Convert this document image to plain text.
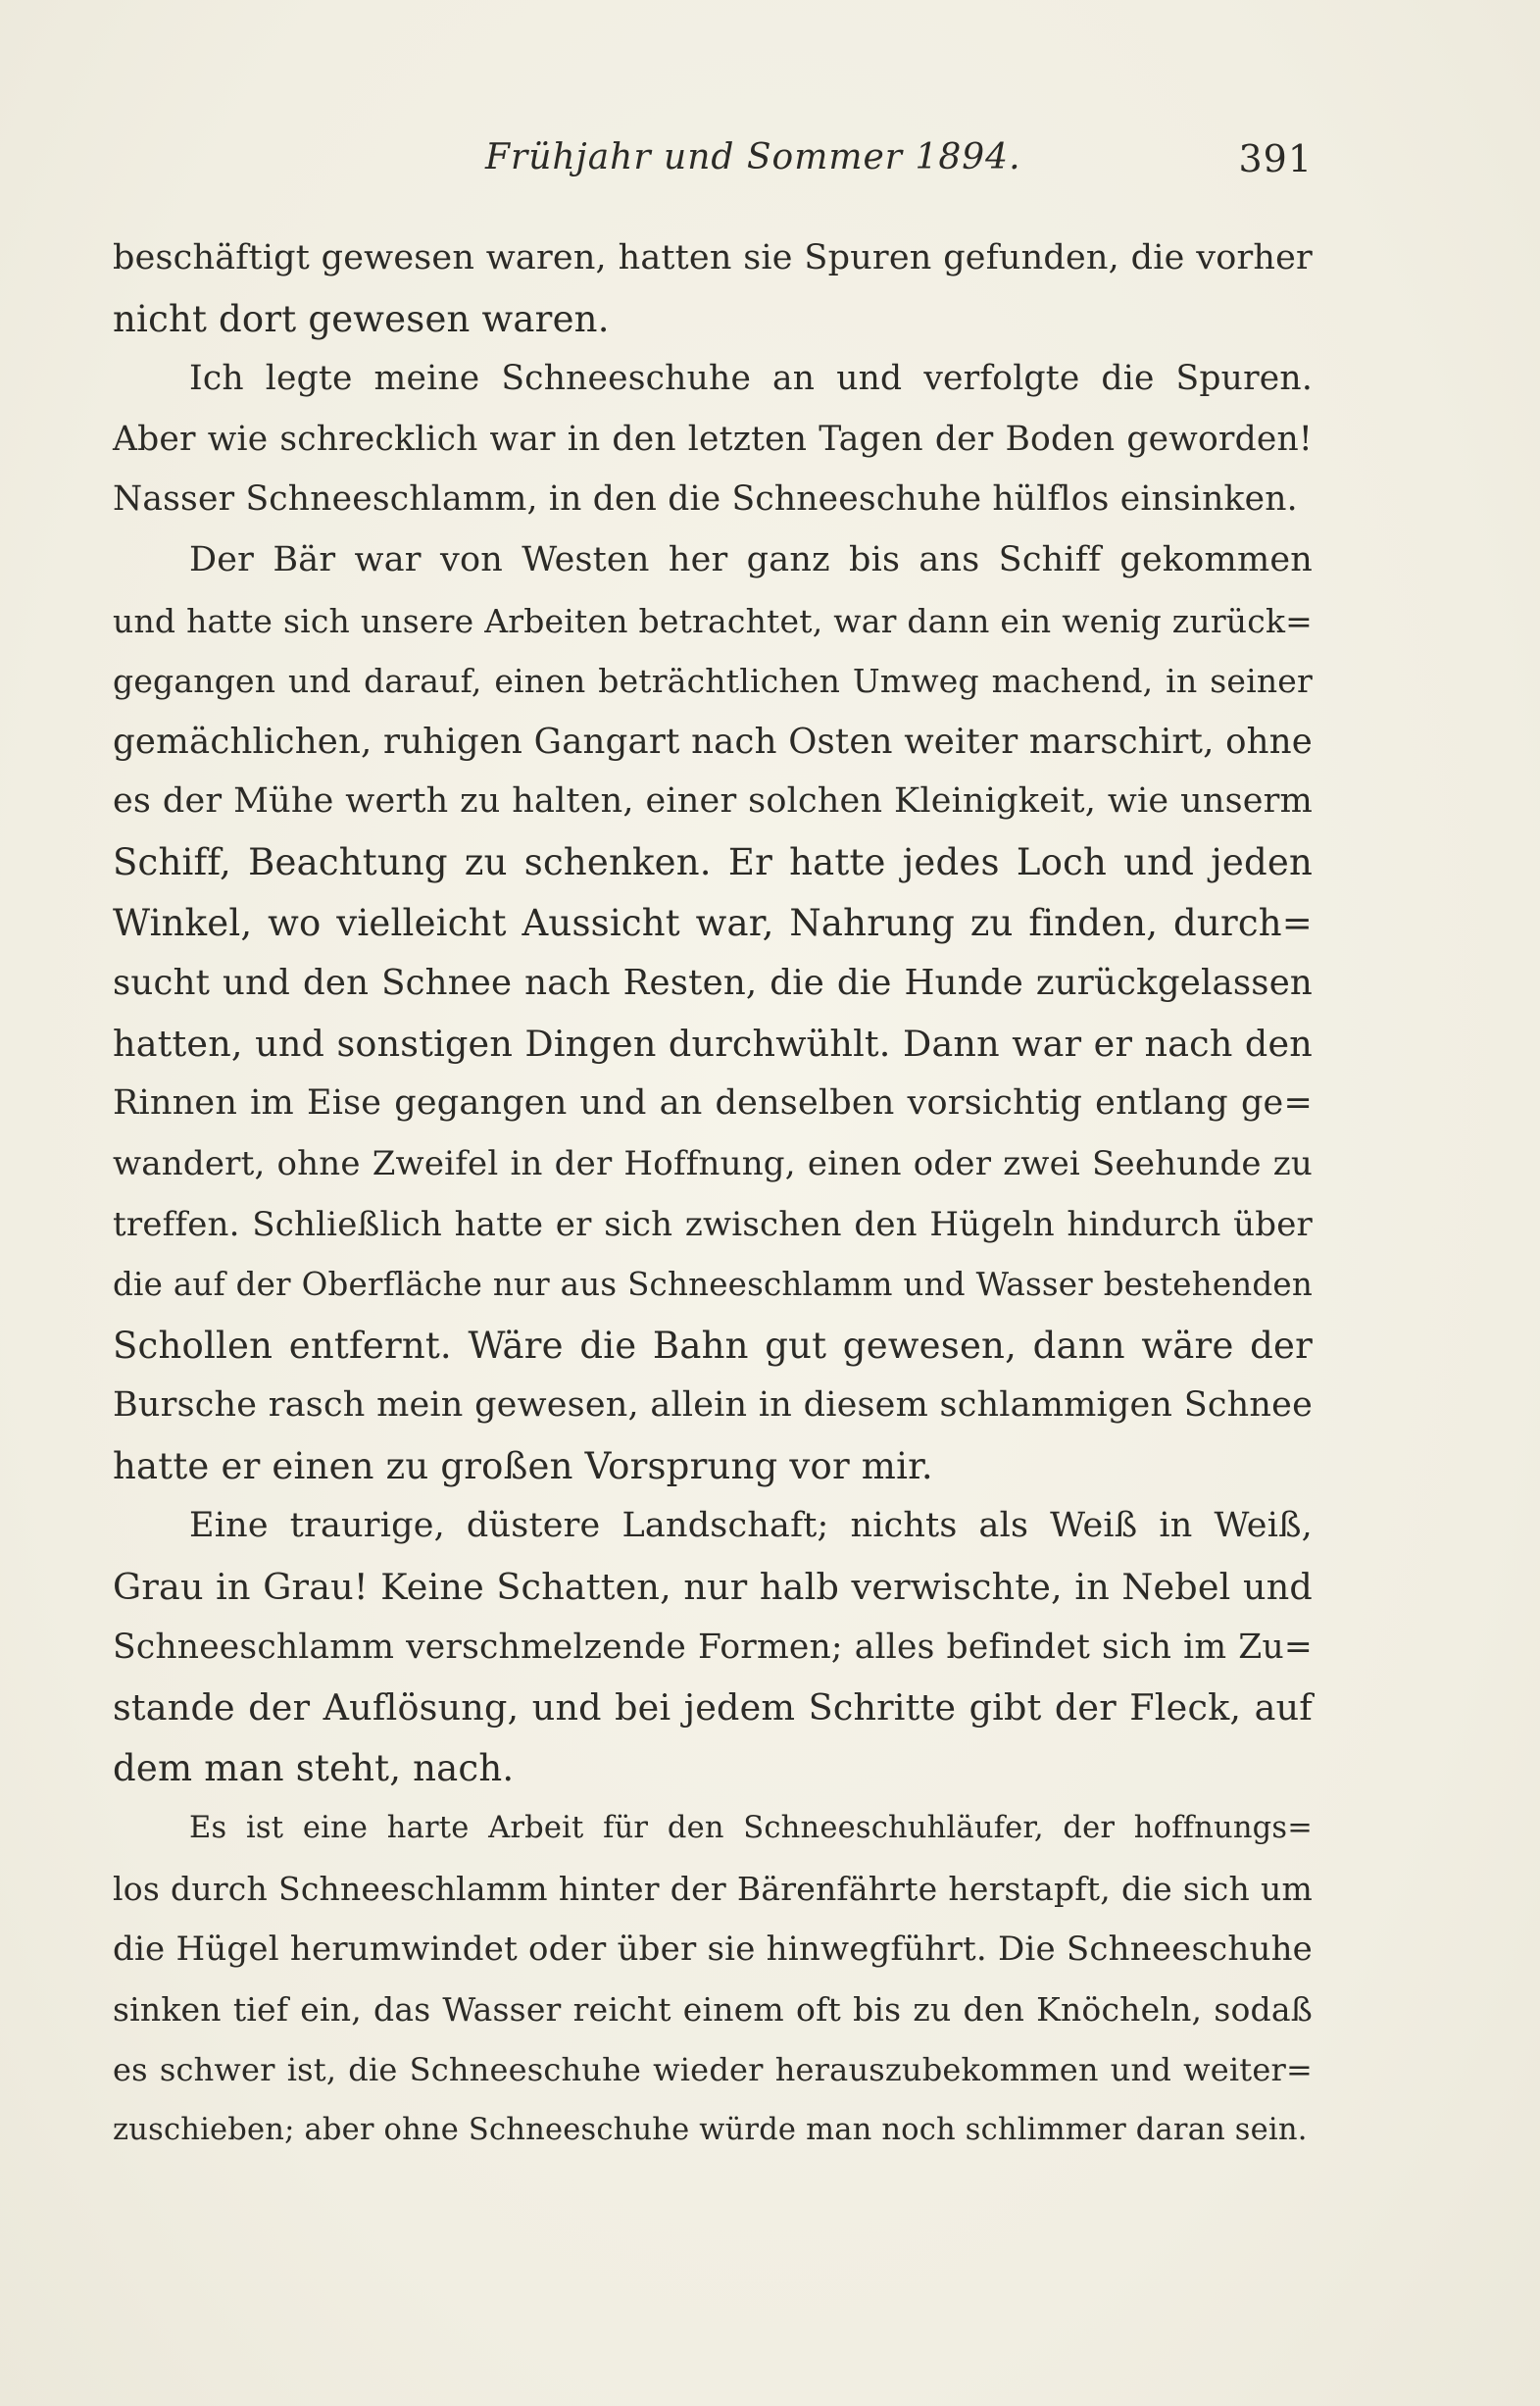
Frühjahr und Sommer 1894.	391
beschäftigt gewesen waren, hatten sie Spuren gefunden, die vorher
nicht dort gewesen waren.
Ich legte meine Schneeschuhe an und verfolgte die Spuren.
Aber wie schrecklich war in den letzten Tagen der Boden geworden!
Nasser Schneeschlamm, in den die Schneeschuhe hülflos einsinken.
Der Bär war von Westen her ganz bis ans Schiff gekommen
und hatte sich unsere Arbeiten betrachtet, war dann ein wenig zurück=
gegangen und darauf, einen beträchtlichen Umweg machend, in seiner
gemächlichen, ruhigen Gangart nach Osten weiter marschirt, ohne
es der Mühe werth zu halten, einer solchen Kleinigkeit, wie unserm
Schiff, Beachtung zu schenken. Er hatte jedes Loch und jeden
Winkel, wo vielleicht Aussicht war, Nahrung zu finden, durch=
sucht und den Schnee nach Resten, die die Hunde zurückgelassen
hatten, und sonstigen Dingen durchwühlt. Dann war er nach den
Rinnen im Eise gegangen und an denselben vorsichtig entlang ge=
wandert, ohne Zweifel in der Hoffnung, einen oder zwei Seehunde zu
treffen. Schließlich hatte er sich zwischen den Hügeln hindurch über
die auf der Oberfläche nur aus Schneeschlamm und Wasser bestehenden
Schollen entfernt. Wäre die Bahn gut gewesen, dann wäre der
Bursche rasch mein gewesen, allein in diesem schlammigen Schnee
hatte er einen zu großen Vorsprung vor mir.
Eine traurige, düstere Landschaft; nichts als Weiß in Weiß,
Grau in Grau! Keine Schatten, nur halb verwischte, in Nebel und
Schneeschlamm verschmelzende Formen; alles befindet sich im Zu=
stande der Auflösung, und bei jedem Schritte gibt der Fleck, auf
dem man steht, nach.
Es ist eine harte Arbeit für den Schneeschuhläufer, der hoffnungs=
los durch Schneeschlamm hinter der Bärenfährte herstapft, die sich um
die Hügel herumwindet oder über sie hinwegführt. Die Schneeschuhe
sinken tief ein, das Wasser reicht einem oft bis zu den Knöcheln, sodaß
es schwer ist, die Schneeschuhe wieder herauszubekommen und weiter=
zuschieben; aber ohne Schneeschuhe würde man noch schlimmer daran sein.
